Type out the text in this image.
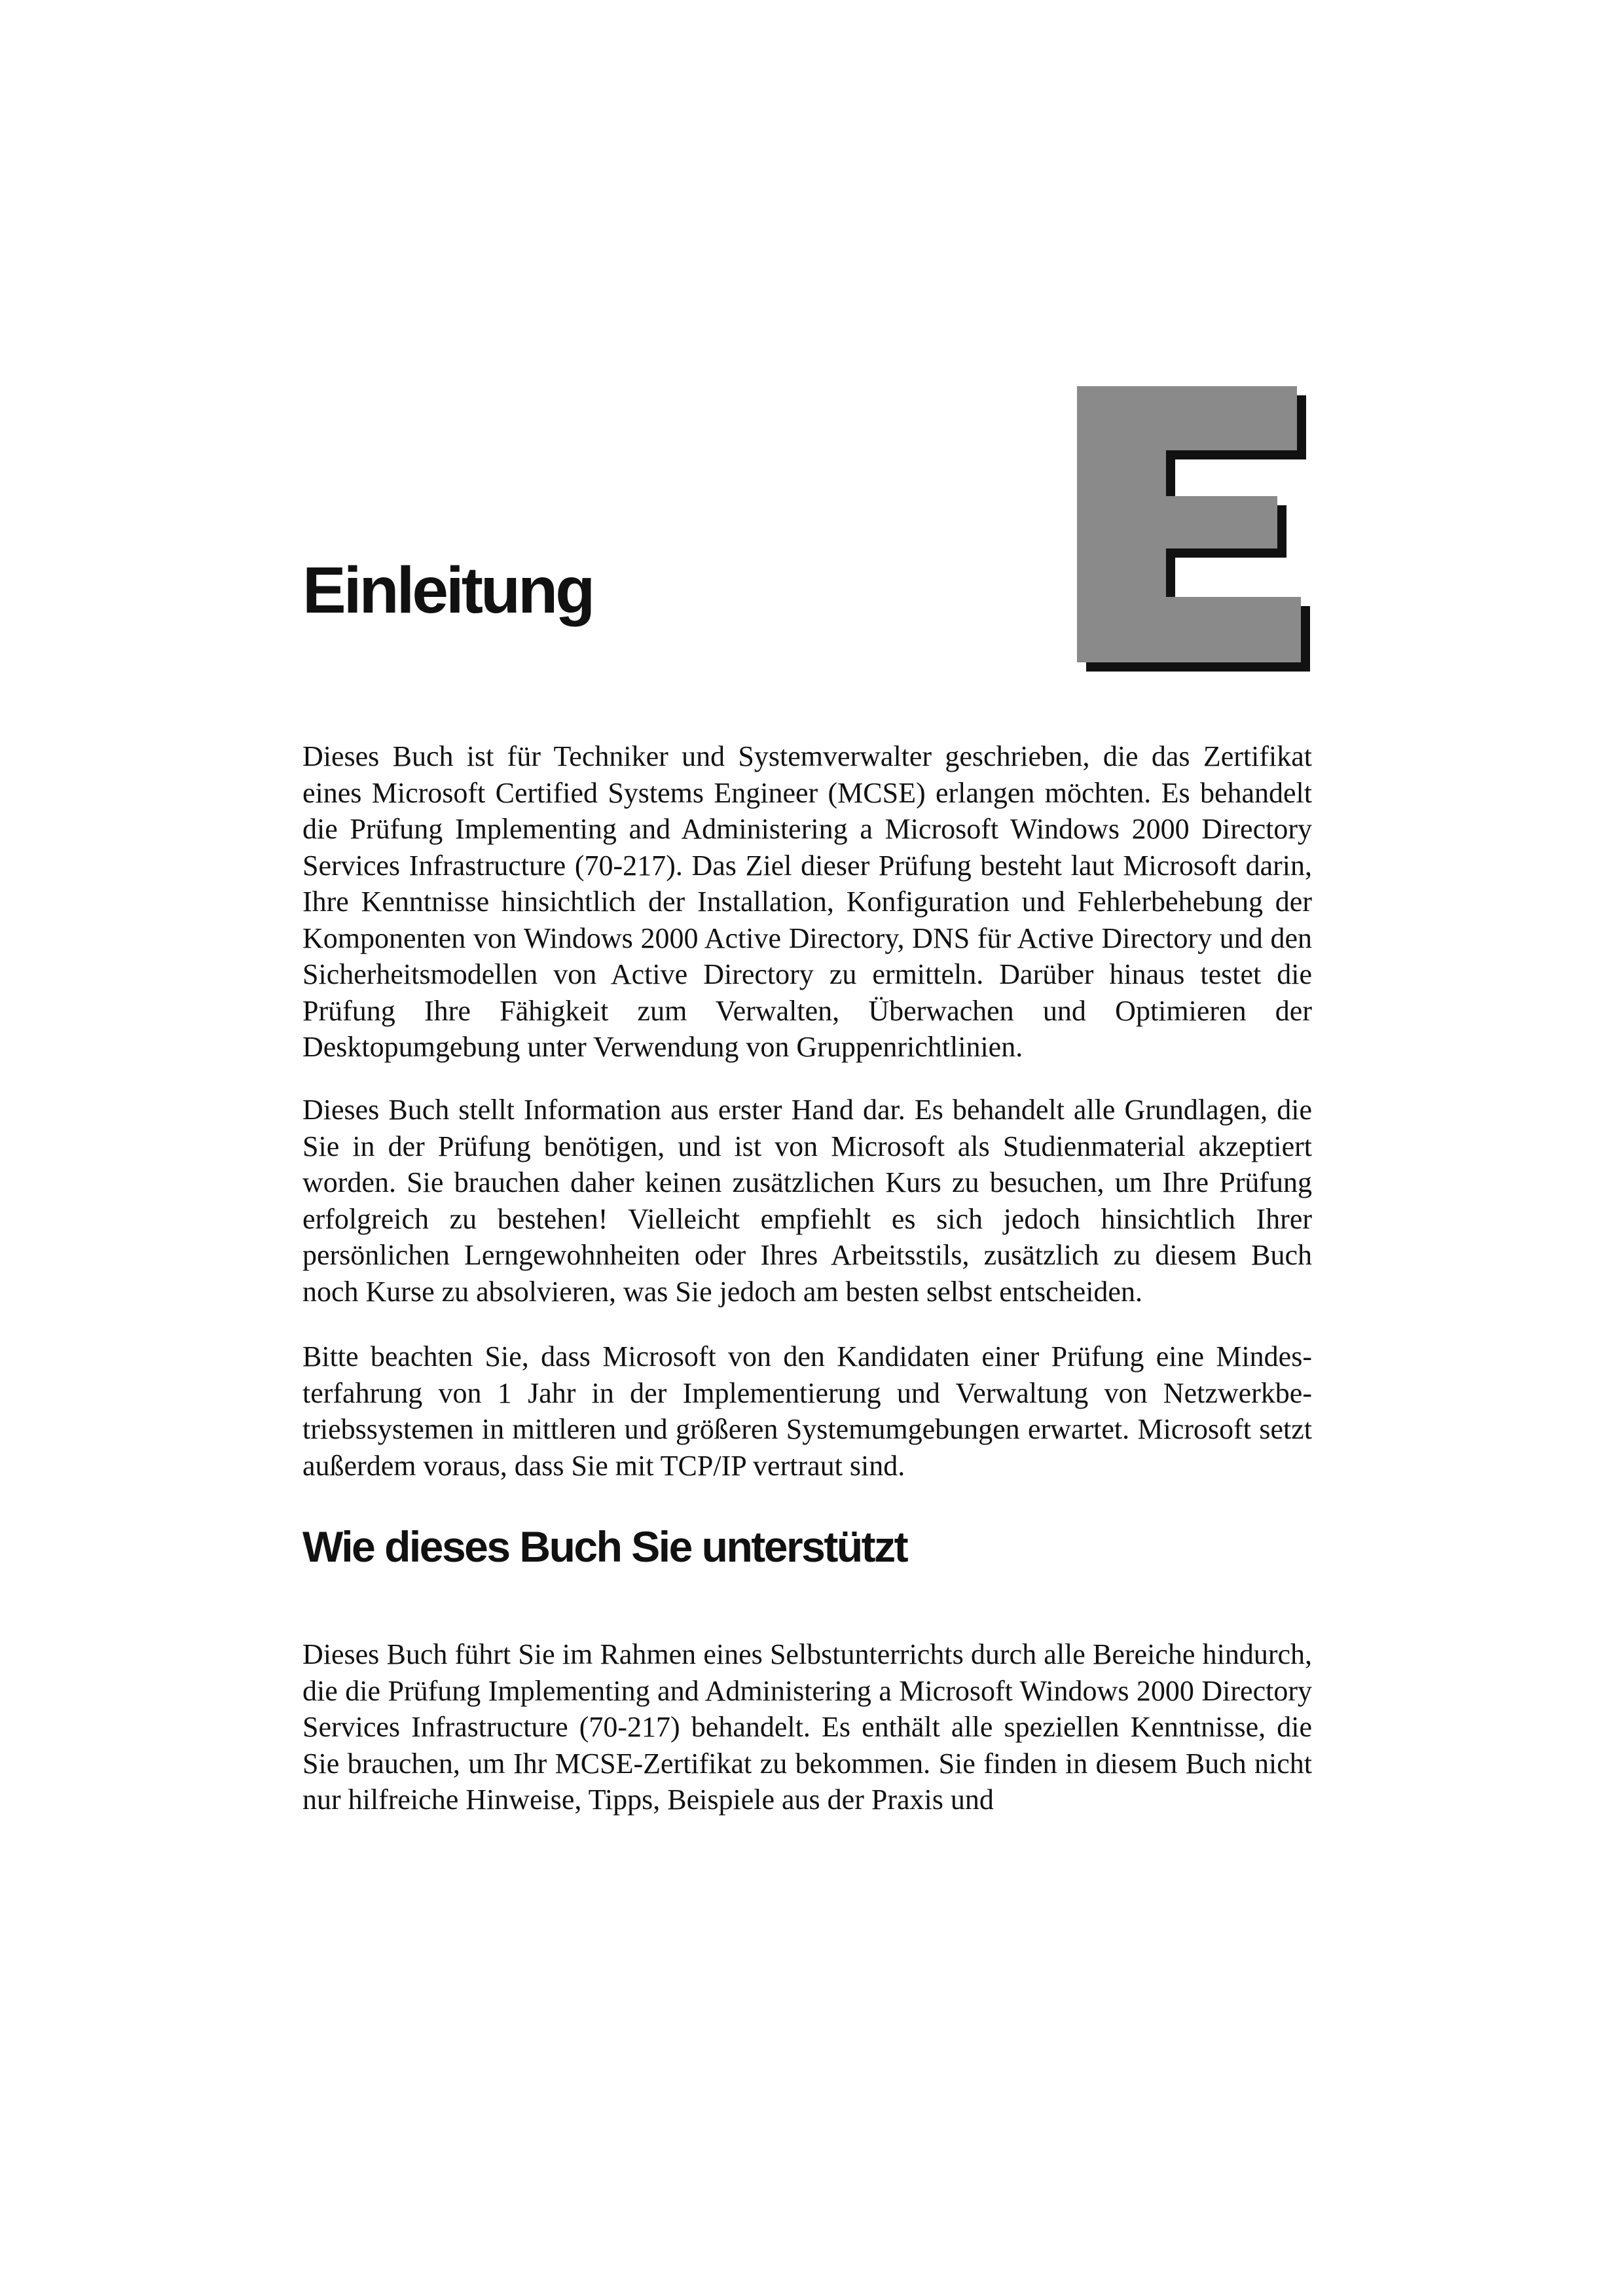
Einleitung

Dieses Buch ist für Techniker und Systemverwalter geschrieben, die das Zertifikat eines Microsoft Certified Systems Engineer (MCSE) erlangen möchten. Es behandelt die Prüfung Implementing and Administering a Microsoft Windows 2000 Directory Services Infrastructure (70-217). Das Ziel dieser Prüfung besteht laut Microsoft darin, Ihre Kenntnisse hinsichtlich der Installation, Konfiguration und Fehlerbehebung der Komponenten von Windows 2000 Active Directory, DNS für Active Directory und den Sicherheitsmodellen von Active Directory zu ermitteln. Darüber hinaus testet die Prüfung Ihre Fähigkeit zum Verwalten, Überwachen und Optimieren der Desktopumgebung unter Verwendung von Gruppenrichtlinien.

Dieses Buch stellt Information aus erster Hand dar. Es behandelt alle Grundlagen, die Sie in der Prüfung benötigen, und ist von Microsoft als Studienmaterial akzeptiert worden. Sie brauchen daher keinen zusätzlichen Kurs zu besuchen, um Ihre Prüfung erfolgreich zu bestehen! Vielleicht empfiehlt es sich jedoch hinsichtlich Ihrer persönlichen Lerngewohnheiten oder Ihres Arbeitsstils, zusätzlich zu diesem Buch noch Kurse zu absolvieren, was Sie jedoch am besten selbst entscheiden.

Bitte beachten Sie, dass Microsoft von den Kandidaten einer Prüfung eine Mindesterfahrung von 1 Jahr in der Implementierung und Verwaltung von Netzwerkbetriebssystemen in mittleren und größeren Systemumgebungen erwartet. Microsoft setzt außerdem voraus, dass Sie mit TCP/IP vertraut sind.

Wie dieses Buch Sie unterstützt

Dieses Buch führt Sie im Rahmen eines Selbstunterrichts durch alle Bereiche hindurch, die die Prüfung Implementing and Administering a Microsoft Windows 2000 Directory Services Infrastructure (70-217) behandelt. Es enthält alle speziellen Kenntnisse, die Sie brauchen, um Ihr MCSE-Zertifikat zu bekommen. Sie finden in diesem Buch nicht nur hilfreiche Hinweise, Tipps, Beispiele aus der Praxis und
